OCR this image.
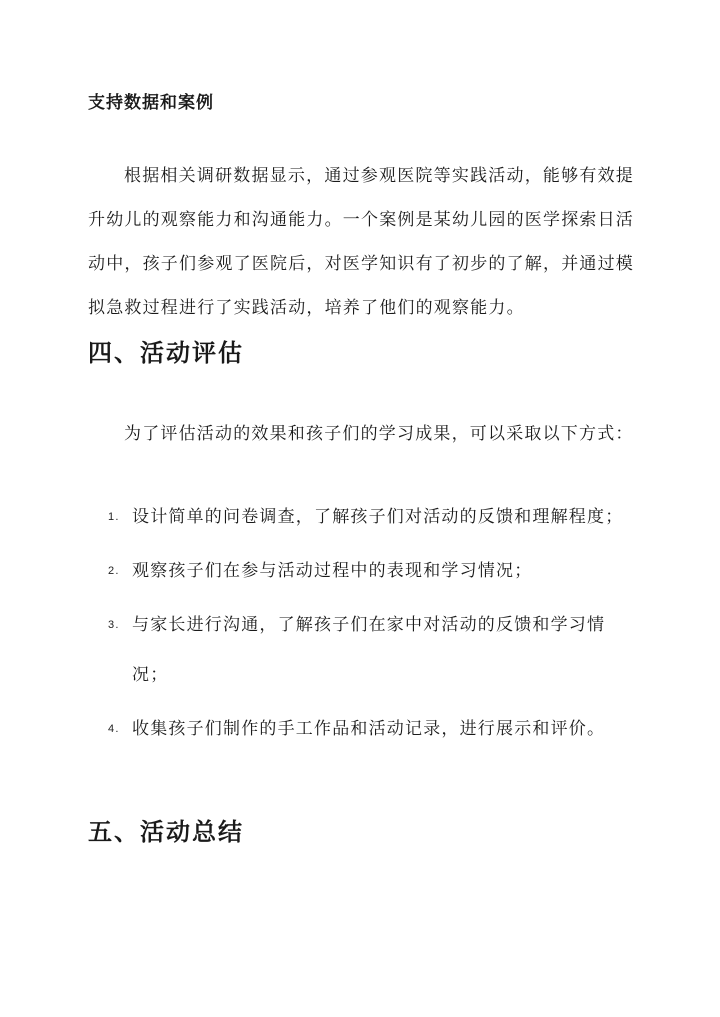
支持数据和案例

根据相关调研数据显示，通过参观医院等实践活动，能够有效提升幼儿的观察能力和沟通能力。一个案例是某幼儿园的医学探索日活动中，孩子们参观了医院后，对医学知识有了初步的了解，并通过模拟急救过程进行了实践活动，培养了他们的观察能力。

四、活动评估

为了评估活动的效果和孩子们的学习成果，可以采取以下方式：

1. 设计简单的问卷调查，了解孩子们对活动的反馈和理解程度；
2. 观察孩子们在参与活动过程中的表现和学习情况；
3. 与家长进行沟通，了解孩子们在家中对活动的反馈和学习情况；
4. 收集孩子们制作的手工作品和活动记录，进行展示和评价。
五、活动总结
